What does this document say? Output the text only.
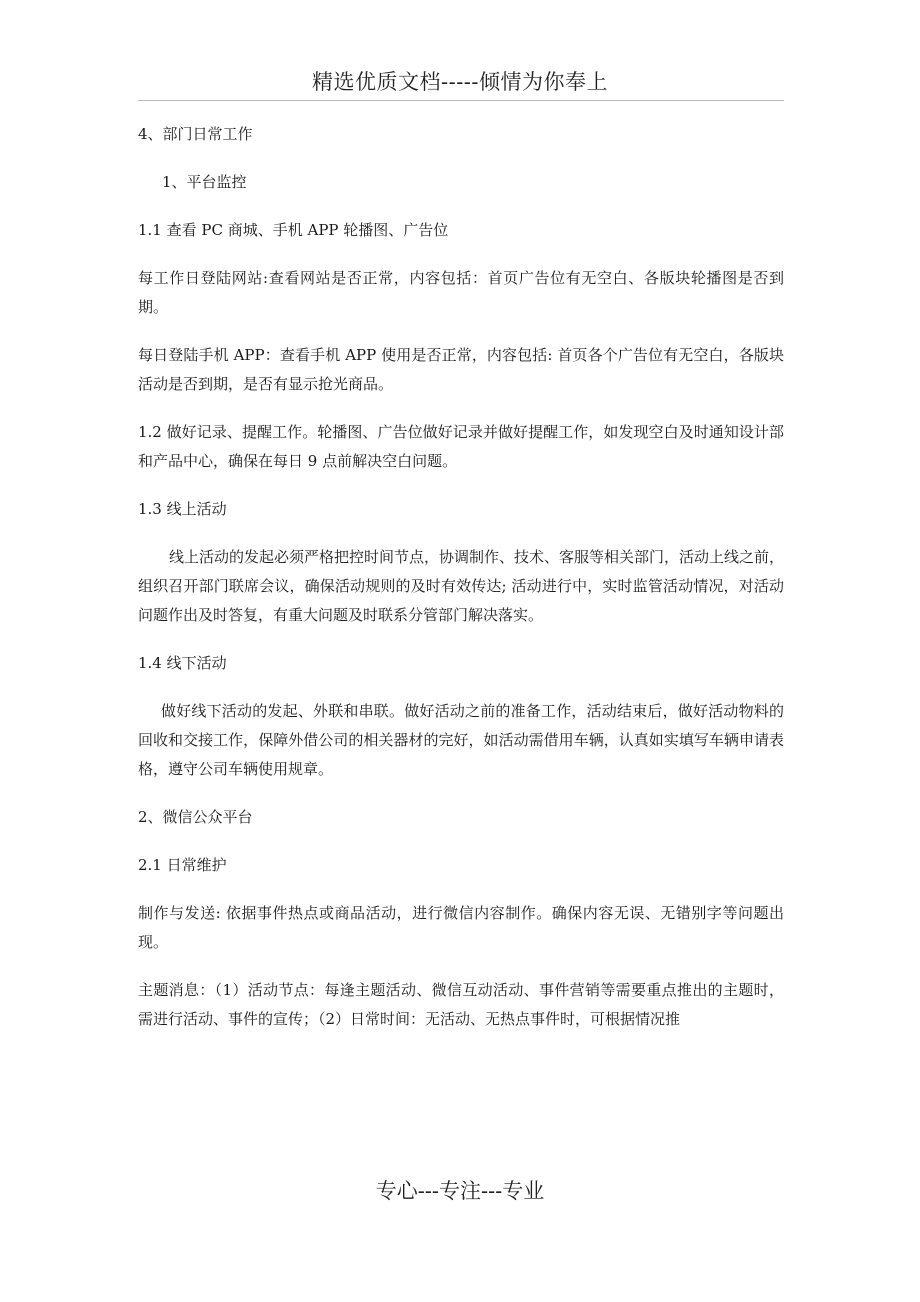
精选优质文档-----倾情为你奉上

4、部门日常工作

1、平台监控

1.1 查看 PC 商城、手机 APP 轮播图、广告位

每工作日登陆网站:查看网站是否正常，内容包括：首页广告位有无空白、各版块轮播图是否到期。

每日登陆手机 APP：查看手机 APP 使用是否正常，内容包括: 首页各个广告位有无空白，各版块活动是否到期，是否有显示抢光商品。

1.2 做好记录、提醒工作。轮播图、广告位做好记录并做好提醒工作，如发现空白及时通知设计部和产品中心，确保在每日 9 点前解决空白问题。

1.3 线上活动

线上活动的发起必须严格把控时间节点，协调制作、技术、客服等相关部门，活动上线之前，组织召开部门联席会议，确保活动规则的及时有效传达; 活动进行中，实时监管活动情况，对活动问题作出及时答复，有重大问题及时联系分管部门解决落实。

1.4 线下活动

做好线下活动的发起、外联和串联。做好活动之前的准备工作，活动结束后，做好活动物料的回收和交接工作，保障外借公司的相关器材的完好，如活动需借用车辆，认真如实填写车辆申请表格，遵守公司车辆使用规章。

2、微信公众平台

2.1 日常维护

制作与发送: 依据事件热点或商品活动，进行微信内容制作。确保内容无误、无错别字等问题出现。

主题消息：（1）活动节点：每逢主题活动、微信互动活动、事件营销等需要重点推出的主题时，需进行活动、事件的宣传；（2）日常时间：无活动、无热点事件时，可根据情况推

专心---专注---专业
